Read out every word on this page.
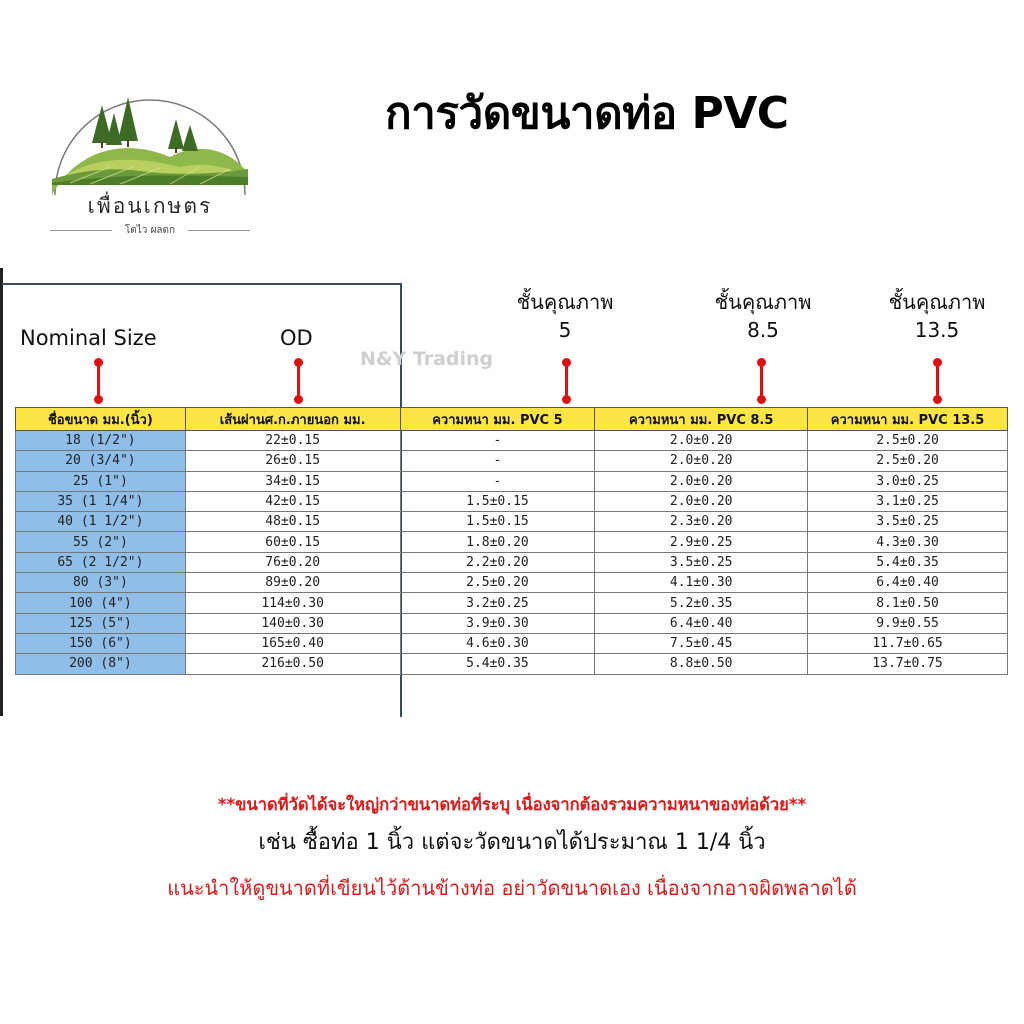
เพื่อนเกษตร
โตไว ผลดก
การวัดขนาดท่อ PVC
Nominal Size	OD
N&Y Trading
ชั้นคุณภาพ
5
ชั้นคุณภาพ
8.5
ชั้นคุณภาพ
13.5
ชื่อขนาด มม.(นิ้ว)	เส้นผ่านศ.ก.ภายนอก มม.	ความหนา มม. PVC 5	ความหนา มม. PVC 8.5	ความหนา มม. PVC 13.5
18 (1/2")	22±0.15	-	2.0±0.20	2.5±0.20
20 (3/4")	26±0.15	-	2.0±0.20	2.5±0.20
25 (1")	34±0.15	-	2.0±0.20	3.0±0.25
35 (1 1/4")	42±0.15	1.5±0.15	2.0±0.20	3.1±0.25
40 (1 1/2")	48±0.15	1.5±0.15	2.3±0.20	3.5±0.25
55 (2")	60±0.15	1.8±0.20	2.9±0.25	4.3±0.30
65 (2 1/2")	76±0.20	2.2±0.20	3.5±0.25	5.4±0.35
80 (3")	89±0.20	2.5±0.20	4.1±0.30	6.4±0.40
100 (4")	114±0.30	3.2±0.25	5.2±0.35	8.1±0.50
125 (5")	140±0.30	3.9±0.30	6.4±0.40	9.9±0.55
150 (6")	165±0.40	4.6±0.30	7.5±0.45	11.7±0.65
200 (8")	216±0.50	5.4±0.35	8.8±0.50	13.7±0.75
**ขนาดที่วัดได้จะใหญ่กว่าขนาดท่อที่ระบุ เนื่องจากต้องรวมความหนาของท่อด้วย**
เช่น ซื้อท่อ 1 นิ้ว แต่จะวัดขนาดได้ประมาณ 1 1/4 นิ้ว
แนะนำให้ดูขนาดที่เขียนไว้ด้านข้างท่อ อย่าวัดขนาดเอง เนื่องจากอาจผิดพลาดได้
